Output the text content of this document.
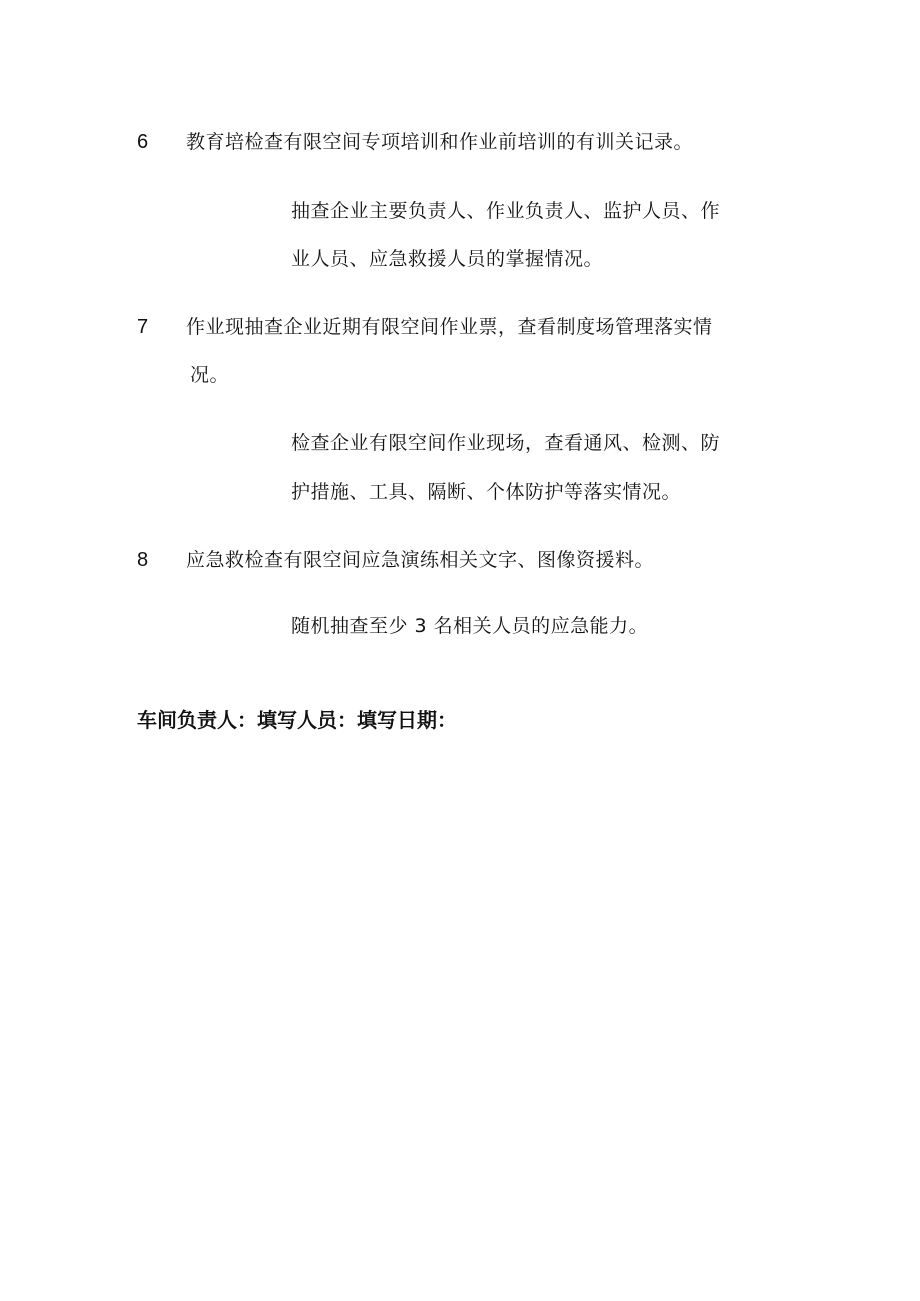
6 教育培检查有限空间专项培训和作业前培训的有训关记录。
抽查企业主要负责人、作业负责人、监护人员、作
业人员、应急救援人员的掌握情况。
7 作业现抽查企业近期有限空间作业票，查看制度场管理落实情
况。
检查企业有限空间作业现场，查看通风、检测、防
护措施、工具、隔断、个体防护等落实情况。
8 应急救检查有限空间应急演练相关文字、图像资援料。
随机抽查至少 3 名相关人员的应急能力。
车间负责人：填写人员：填写日期：
